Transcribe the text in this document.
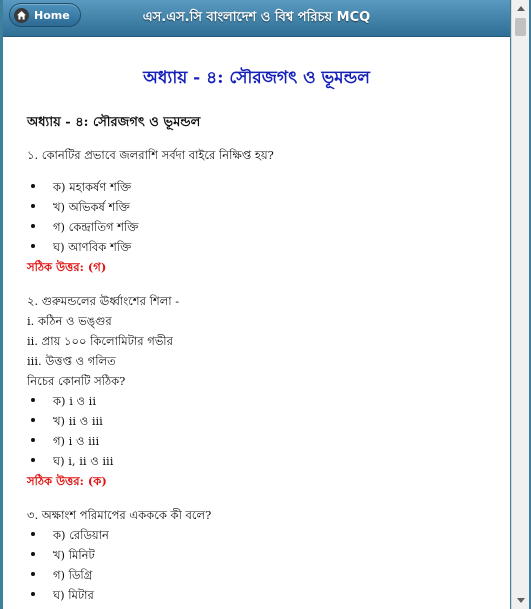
Home	এস.এস.সি বাংলাদেশ ও বিশ্ব পরিচয় MCQ
অধ্যায় - ৪: সৌরজগৎ ও ভূমন্ডল
অধ্যায় - ৪: সৌরজগৎ ও ভূমন্ডল
১. কোনটির প্রভাবে জলরাশি সর্বদা বাইরে নিক্ষিপ্ত হয়?
ক) মহাকর্ষণ শক্তি
খ) অভিকর্ষ শক্তি
গ) কেন্দ্রাতিগ শক্তি
ঘ) আণবিক শক্তি
সঠিক উত্তর: (গ)
২. গুরুমন্ডলের ঊর্ধ্বাংশের শিলা -
i. কঠিন ও ভঙ্গুর
ii. প্রায় ১০০ কিলোমিটার গভীর
iii. উত্তপ্ত ও গলিত
নিচের কোনটি সঠিক?
ক) i ও ii
খ) ii ও iii
গ) i ও iii
ঘ) i, ii ও iii
সঠিক উত্তর: (ক)
৩. অক্ষাংশ পরিমাপের একককে কী বলে?
ক) রেডিয়ান
খ) মিনিট
গ) ডিগ্রি
ঘ) মিটার
